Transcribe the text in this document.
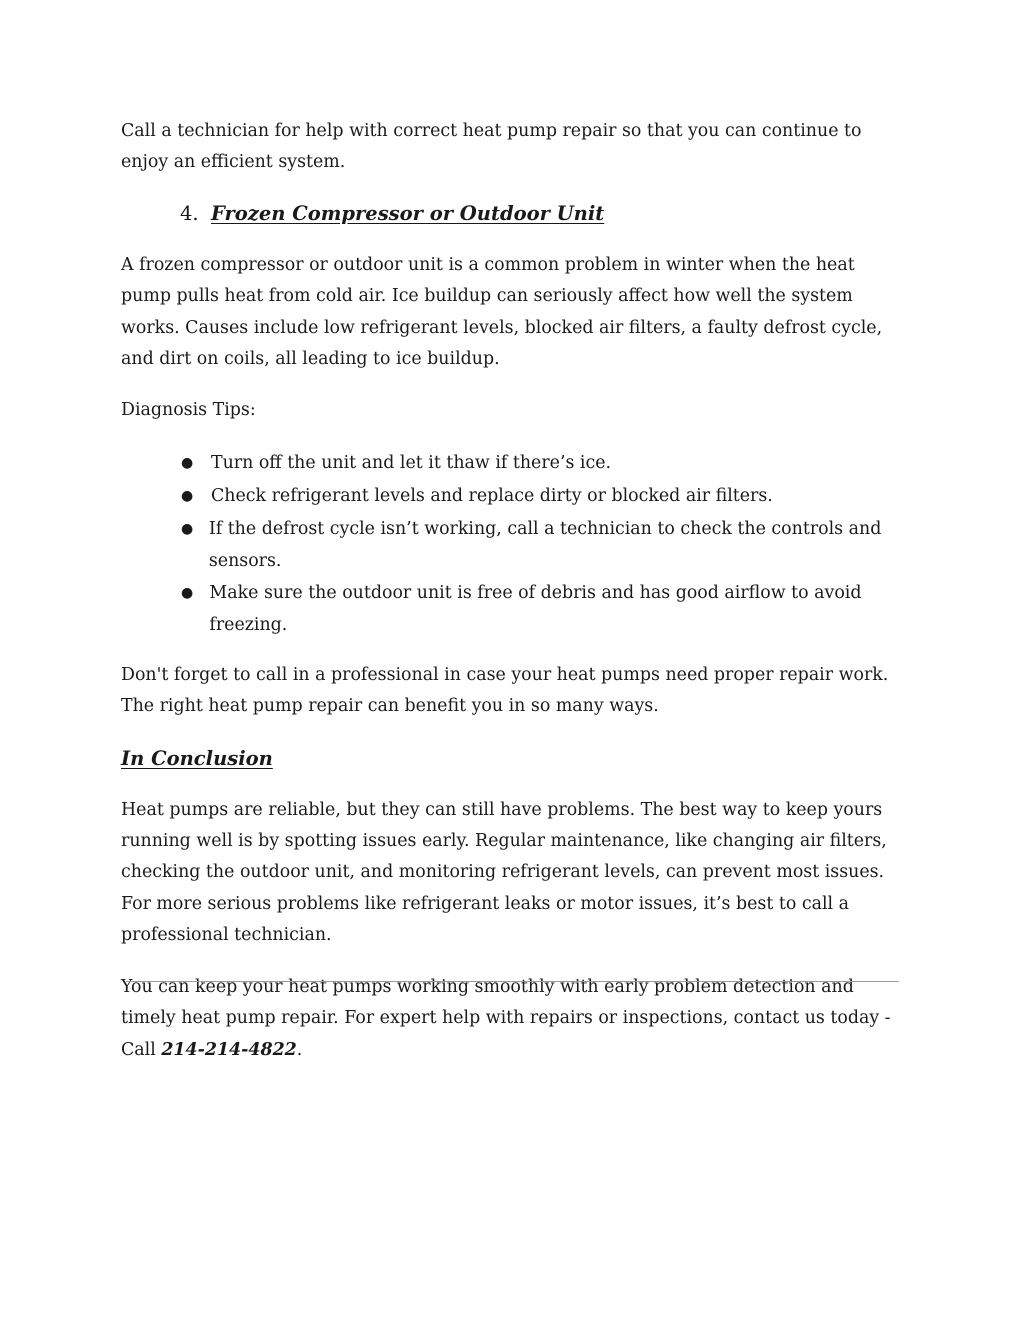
Call a technician for help with correct heat pump repair so that you can continue to enjoy an efficient system.

4. Frozen Compressor or Outdoor Unit

A frozen compressor or outdoor unit is a common problem in winter when the heat pump pulls heat from cold air. Ice buildup can seriously affect how well the system works. Causes include low refrigerant levels, blocked air filters, a faulty defrost cycle, and dirt on coils, all leading to ice buildup.

Diagnosis Tips:

●	Turn off the unit and let it thaw if there’s ice.
●	Check refrigerant levels and replace dirty or blocked air filters.
● If the defrost cycle isn’t working, call a technician to check the controls and sensors.
● Make sure the outdoor unit is free of debris and has good airflow to avoid freezing.

Don't forget to call in a professional in case your heat pumps need proper repair work. The right heat pump repair can benefit you in so many ways.

In Conclusion

Heat pumps are reliable, but they can still have problems. The best way to keep yours running well is by spotting issues early. Regular maintenance, like changing air filters, checking the outdoor unit, and monitoring refrigerant levels, can prevent most issues. For more serious problems like refrigerant leaks or motor issues, it’s best to call a professional technician.

You can keep your heat pumps working smoothly with early problem detection and timely heat pump repair. For expert help with repairs or inspections, contact us today - Call 214-214-4822.
